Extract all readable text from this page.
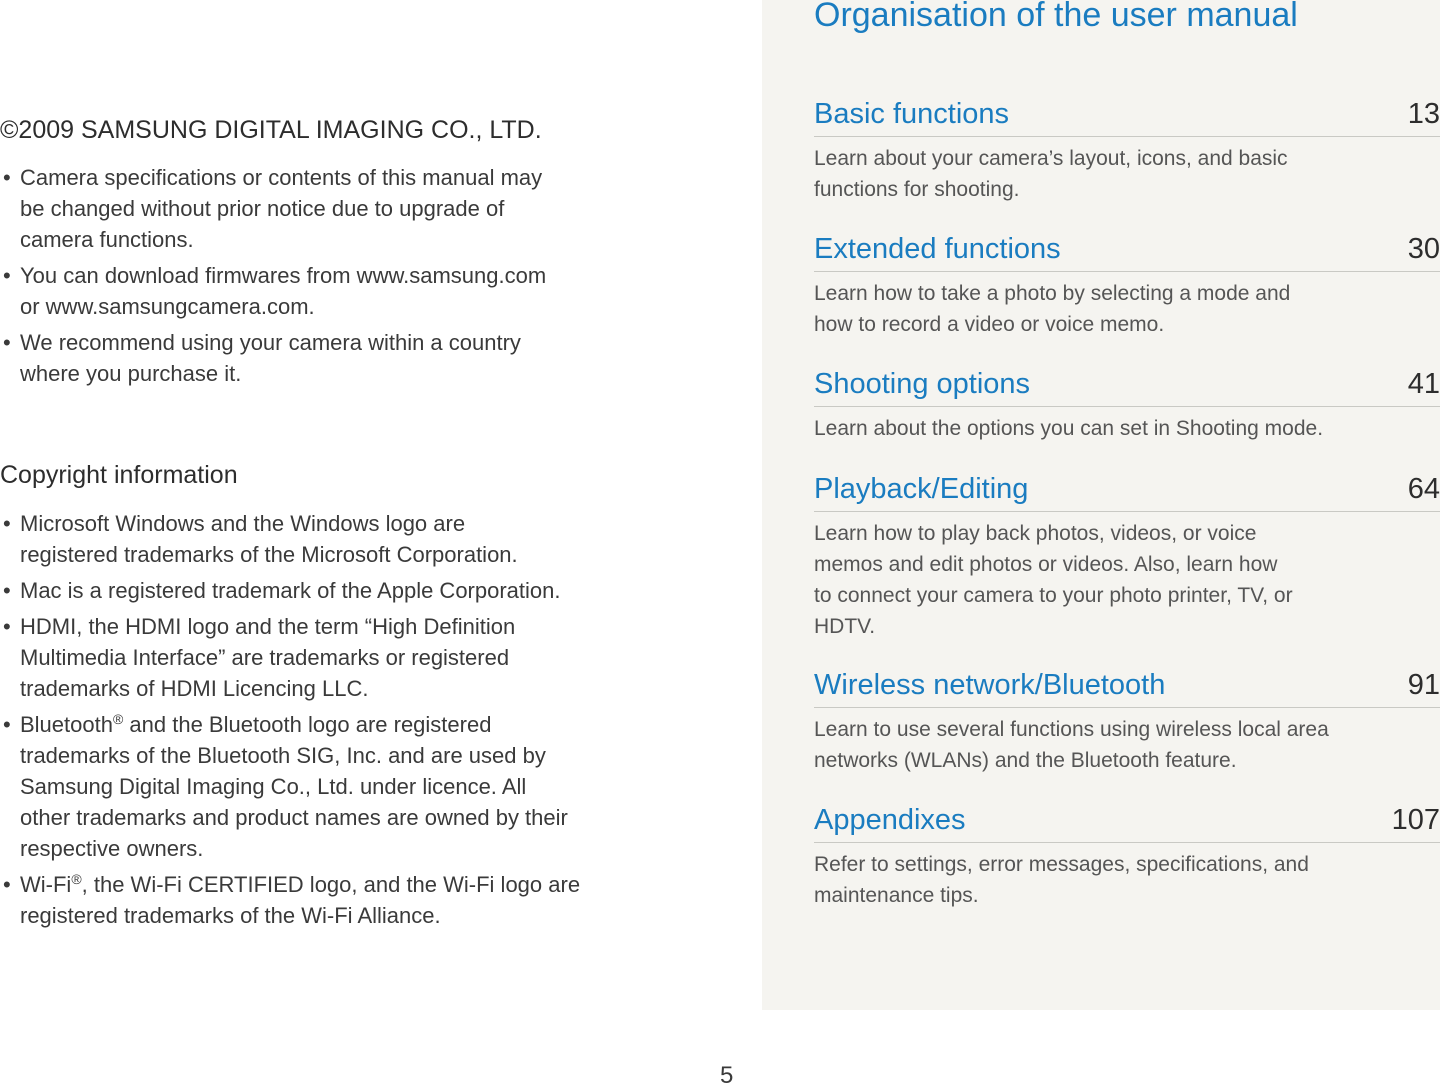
©2009 SAMSUNG DIGITAL IMAGING CO., LTD.
• Camera specifications or contents of this manual may
be changed without prior notice due to upgrade of
camera functions.
• You can download firmwares from www.samsung.com
or www.samsungcamera.com.
• We recommend using your camera within a country
where you purchase it.
Copyright information
• Microsoft Windows and the Windows logo are
registered trademarks of the Microsoft Corporation.
• Mac is a registered trademark of the Apple Corporation.
• HDMI, the HDMI logo and the term “High Definition
Multimedia Interface” are trademarks or registered
trademarks of HDMI Licencing LLC.
• Bluetooth® and the Bluetooth logo are registered
trademarks of the Bluetooth SIG, Inc. and are used by
Samsung Digital Imaging Co., Ltd. under licence. All
other trademarks and product names are owned by their
respective owners.
• Wi-Fi®, the Wi-Fi CERTIFIED logo, and the Wi-Fi logo are
registered trademarks of the Wi-Fi Alliance.
Organisation of the user manual
Basic functions	13
Learn about your camera’s layout, icons, and basic
functions for shooting.
Extended functions	30
Learn how to take a photo by selecting a mode and
how to record a video or voice memo.
Shooting options	41
Learn about the options you can set in Shooting mode.
Playback/Editing	64
Learn how to play back photos, videos, or voice
memos and edit photos or videos. Also, learn how
to connect your camera to your photo printer, TV, or
HDTV.
Wireless network/Bluetooth	91
Learn to use several functions using wireless local area
networks (WLANs) and the Bluetooth feature.
Appendixes	107
Refer to settings, error messages, specifications, and
maintenance tips.
5
